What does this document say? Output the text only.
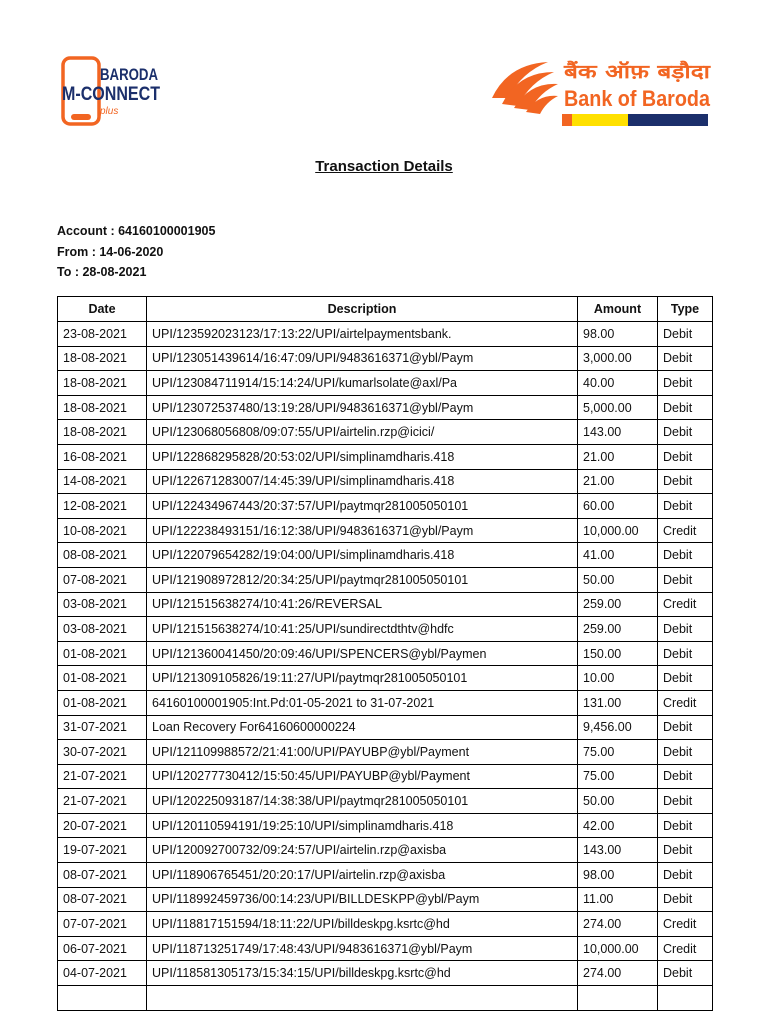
BARODA
M-CONNECT
plus
बैंक ऑफ़ बड़ौदा
Bank of Baroda
Transaction Details
Account : 64160100001905
From : 14-06-2020
To : 28-08-2021
Date	Description	Amount	Type
23-08-2021	UPI/123592023123/17:13:22/UPI/airtelpaymentsbank.	98.00	Debit
18-08-2021	UPI/123051439614/16:47:09/UPI/9483616371@ybl/Paym	3,000.00	Debit
18-08-2021	UPI/123084711914/15:14:24/UPI/kumarlsolate@axl/Pa	40.00	Debit
18-08-2021	UPI/123072537480/13:19:28/UPI/9483616371@ybl/Paym	5,000.00	Debit
18-08-2021	UPI/123068056808/09:07:55/UPI/airtelin.rzp@icici/	143.00	Debit
16-08-2021	UPI/122868295828/20:53:02/UPI/simplinamdharis.418	21.00	Debit
14-08-2021	UPI/122671283007/14:45:39/UPI/simplinamdharis.418	21.00	Debit
12-08-2021	UPI/122434967443/20:37:57/UPI/paytmqr281005050101	60.00	Debit
10-08-2021	UPI/122238493151/16:12:38/UPI/9483616371@ybl/Paym	10,000.00	Credit
08-08-2021	UPI/122079654282/19:04:00/UPI/simplinamdharis.418	41.00	Debit
07-08-2021	UPI/121908972812/20:34:25/UPI/paytmqr281005050101	50.00	Debit
03-08-2021	UPI/121515638274/10:41:26/REVERSAL	259.00	Credit
03-08-2021	UPI/121515638274/10:41:25/UPI/sundirectdthtv@hdfc	259.00	Debit
01-08-2021	UPI/121360041450/20:09:46/UPI/SPENCERS@ybl/Paymen	150.00	Debit
01-08-2021	UPI/121309105826/19:11:27/UPI/paytmqr281005050101	10.00	Debit
01-08-2021	64160100001905:Int.Pd:01-05-2021 to 31-07-2021	131.00	Credit
31-07-2021	Loan Recovery For64160600000224	9,456.00	Debit
30-07-2021	UPI/121109988572/21:41:00/UPI/PAYUBP@ybl/Payment	75.00	Debit
21-07-2021	UPI/120277730412/15:50:45/UPI/PAYUBP@ybl/Payment	75.00	Debit
21-07-2021	UPI/120225093187/14:38:38/UPI/paytmqr281005050101	50.00	Debit
20-07-2021	UPI/120110594191/19:25:10/UPI/simplinamdharis.418	42.00	Debit
19-07-2021	UPI/120092700732/09:24:57/UPI/airtelin.rzp@axisba	143.00	Debit
08-07-2021	UPI/118906765451/20:20:17/UPI/airtelin.rzp@axisba	98.00	Debit
08-07-2021	UPI/118992459736/00:14:23/UPI/BILLDESKPP@ybl/Paym	11.00	Debit
07-07-2021	UPI/118817151594/18:11:22/UPI/billdeskpg.ksrtc@hd	274.00	Credit
06-07-2021	UPI/118713251749/17:48:43/UPI/9483616371@ybl/Paym	10,000.00	Credit
04-07-2021	UPI/118581305173/15:34:15/UPI/billdeskpg.ksrtc@hd	274.00	Debit
